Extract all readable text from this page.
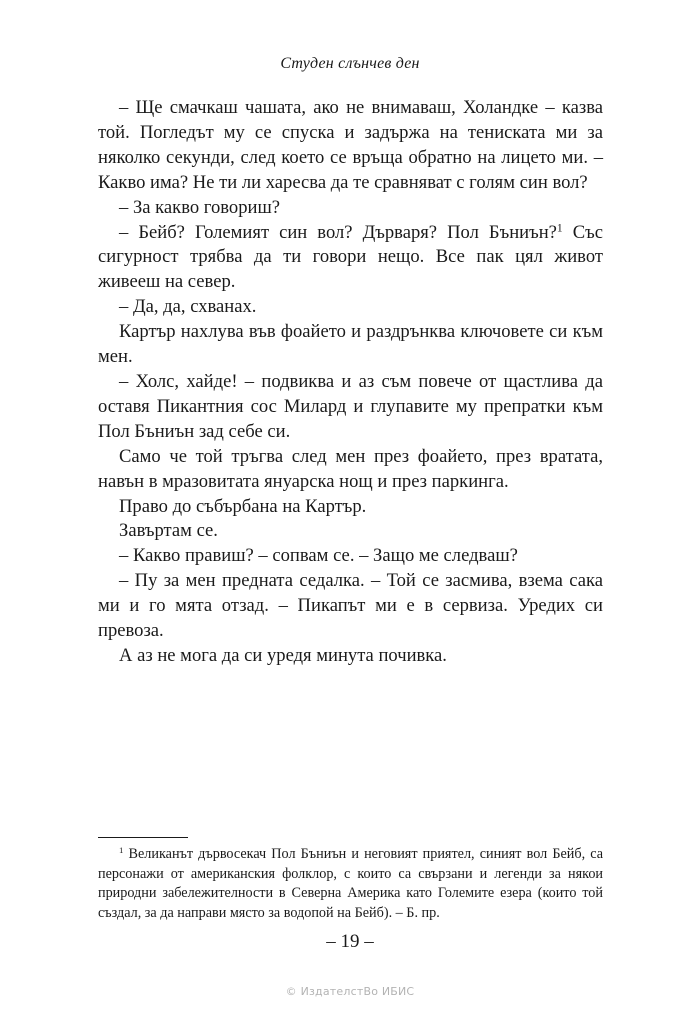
Студен слънчев ден

– Ще смачкаш чашата, ако не внимаваш, Холандке – казва той. Погледът му се спуска и задържа на тениската ми за няколко секунди, след което се връща обратно на лицето ми. – Какво има? Не ти ли харесва да те сравняват с голям син вол?

– За какво говориш?

– Бейб? Големият син вол? Дърваря? Пол Бъниън?$^1$ Със сигурност трябва да ти говори нещо. Все пак цял живот живееш на север.

– Да, да, схванах.

Картър нахлува във фоайето и раздрънква ключовете си към мен.

– Холс, хайде! – подвиква и аз съм повече от щастлива да оставя Пикантния сос Милард и глупавите му препратки към Пол Бъниън зад себе си.

Само че той тръгва след мен през фоайето, през вратата, навън в мразовитата януарска нощ и през паркинга.

Право до събърбана на Картър.

Завъртам се.

– Какво правиш? – сопвам се. – Защо ме следваш?

– Пу за мен предната седалка. – Той се засмива, взема сака ми и го мята отзад. – Пикапът ми е в сервиза. Уредих си превоза.

А аз не мога да си уредя минута почивка.

$^1$ Великанът дървосекач Пол Бъниън и неговият приятел, синият вол Бейб, са персонажи от американския фолклор, с които са свързани и легенди за някои природни забележителности в Северна Америка като Големите езера (които той създал, за да направи място за водопой на Бейб). – Б. пр.

– 19 –
© ИздателстВо ИБИС
